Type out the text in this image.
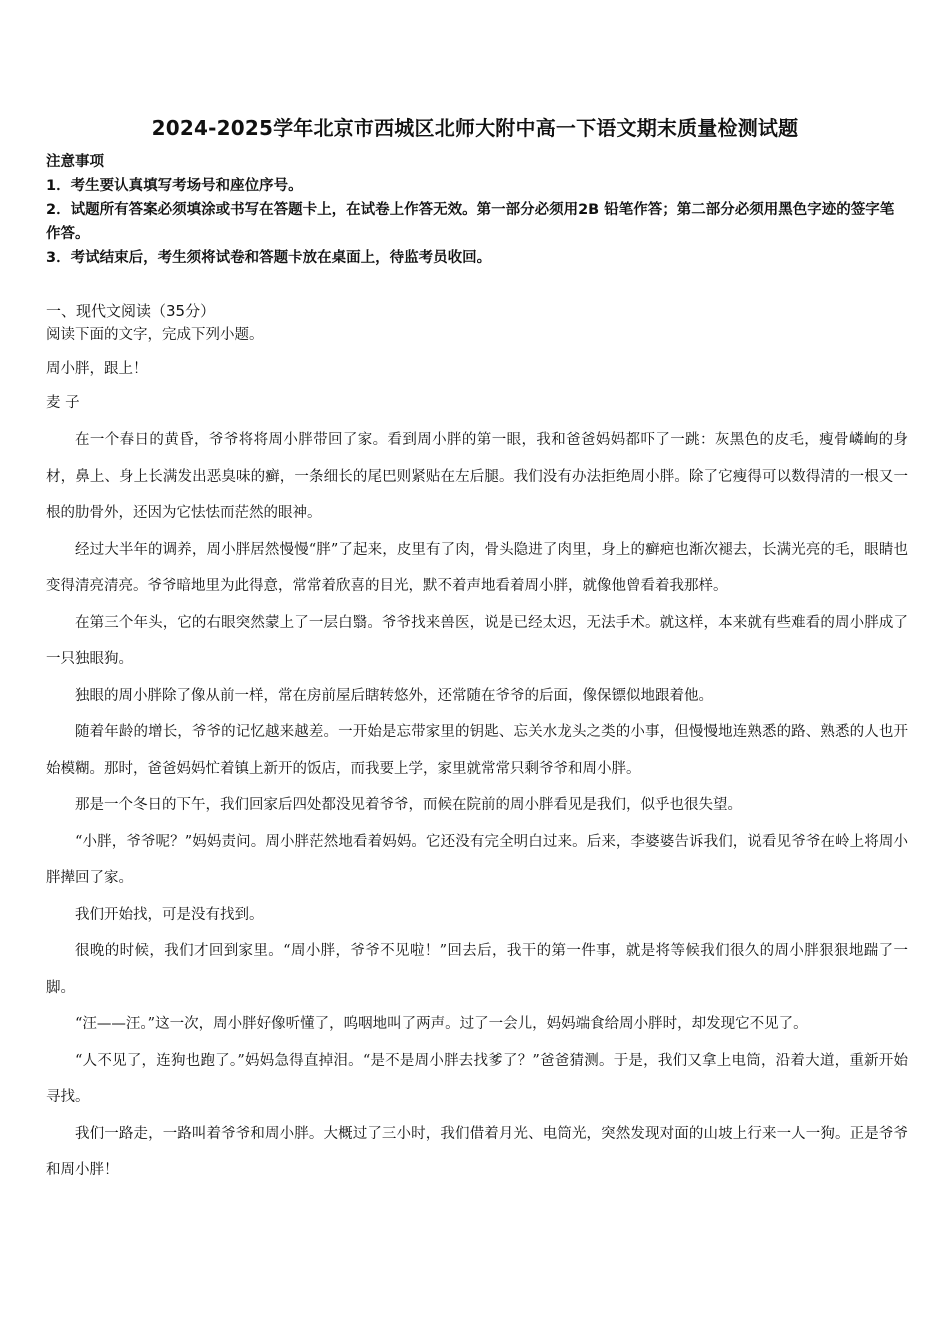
2024-2025学年北京市西城区北师大附中高一下语文期末质量检测试题

注意事项

1．考生要认真填写考场号和座位序号。

2．试题所有答案必须填涂或书写在答题卡上，在试卷上作答无效。第一部分必须用2B 铅笔作答；第二部分必须用黑色字迹的签字笔作答。

3．考试结束后，考生须将试卷和答题卡放在桌面上，待监考员收回。

一、现代文阅读（35分）
阅读下面的文字，完成下列小题。
周小胖，跟上！
麦 子

在一个春日的黄昏，爷爷将将周小胖带回了家。看到周小胖的第一眼，我和爸爸妈妈都吓了一跳：灰黑色的皮毛，瘦骨嶙峋的身材，鼻上、身上长满发出恶臭味的癣，一条细长的尾巴则紧贴在左后腿。我们没有办法拒绝周小胖。除了它瘦得可以数得清的一根又一根的肋骨外，还因为它怯怯而茫然的眼神。

经过大半年的调养，周小胖居然慢慢“胖”了起来，皮里有了肉，骨头隐进了肉里，身上的癣疤也渐次褪去，长满光亮的毛，眼睛也变得清亮清亮。爷爷暗地里为此得意，常常着欣喜的目光，默不着声地看着周小胖，就像他曾看着我那样。

在第三个年头，它的右眼突然蒙上了一层白翳。爷爷找来兽医，说是已经太迟，无法手术。就这样，本来就有些难看的周小胖成了一只独眼狗。

独眼的周小胖除了像从前一样，常在房前屋后瞎转悠外，还常随在爷爷的后面，像保镖似地跟着他。

随着年龄的增长，爷爷的记忆越来越差。一开始是忘带家里的钥匙、忘关水龙头之类的小事，但慢慢地连熟悉的路、熟悉的人也开始模糊。那时，爸爸妈妈忙着镇上新开的饭店，而我要上学，家里就常常只剩爷爷和周小胖。

那是一个冬日的下午，我们回家后四处都没见着爷爷，而候在院前的周小胖看见是我们，似乎也很失望。

“小胖，爷爷呢？”妈妈责问。周小胖茫然地看着妈妈。它还没有完全明白过来。后来，李婆婆告诉我们，说看见爷爷在岭上将周小胖撵回了家。

我们开始找，可是没有找到。

很晚的时候，我们才回到家里。“周小胖，爷爷不见啦！”回去后，我干的第一件事，就是将等候我们很久的周小胖狠狠地踹了一脚。

“汪——汪。”这一次，周小胖好像听懂了，呜咽地叫了两声。过了一会儿，妈妈端食给周小胖时，却发现它不见了。

“人不见了，连狗也跑了。”妈妈急得直掉泪。“是不是周小胖去找爹了？”爸爸猜测。于是，我们又拿上电筒，沿着大道，重新开始寻找。

我们一路走，一路叫着爷爷和周小胖。大概过了三小时，我们借着月光、电筒光，突然发现对面的山坡上行来一人一狗。正是爷爷和周小胖！
